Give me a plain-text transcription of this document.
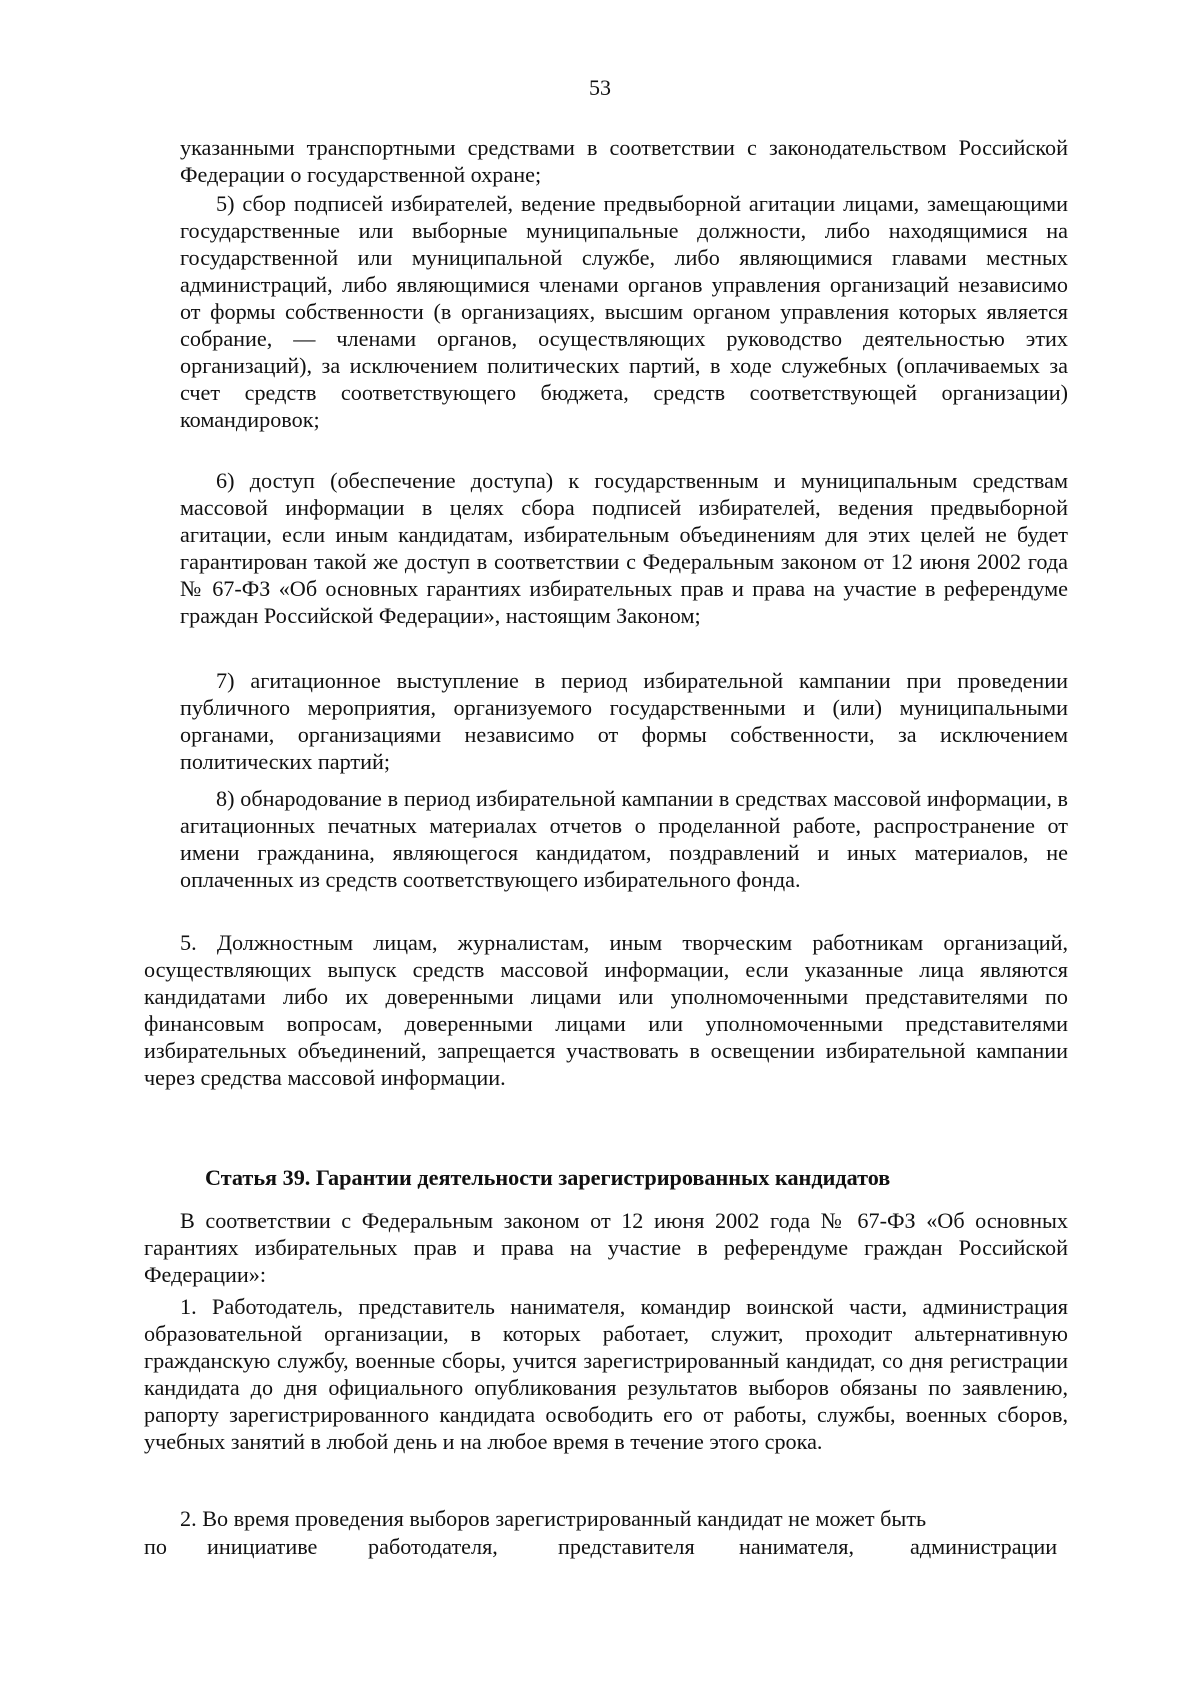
53
указанными транспортными средствами в соответствии с законодательством Российской Федерации о государственной охране;
5) сбор подписей избирателей, ведение предвыборной агитации лицами, замещающими государственные или выборные муниципальные должности, либо находящимися на государственной или муниципальной службе, либо являющимися главами местных администраций, либо являющимися членами органов управления организаций независимо от формы собственности (в организациях, высшим органом управления которых является собрание, — членами органов, осуществляющих руководство деятельностью этих организаций), за исключением политических партий, в ходе служебных (оплачиваемых за счет средств соответствующего бюджета, средств соответствующей организации) командировок;
6) доступ (обеспечение доступа) к государственным и муниципальным средствам массовой информации в целях сбора подписей избирателей, ведения предвыборной агитации, если иным кандидатам, избирательным объединениям для этих целей не будет гарантирован такой же доступ в соответствии с Федеральным законом от 12 июня 2002 года № 67-ФЗ «Об основных гарантиях избирательных прав и права на участие в референдуме граждан Российской Федерации», настоящим Законом;
7) агитационное выступление в период избирательной кампании при проведении публичного мероприятия, организуемого государственными и (или) муниципальными органами, организациями независимо от формы собственности, за исключением политических партий;
8) обнародование в период избирательной кампании в средствах массовой информации, в агитационных печатных материалах отчетов о проделанной работе, распространение от имени гражданина, являющегося кандидатом, поздравлений и иных материалов, не оплаченных из средств соответствующего избирательного фонда.
5. Должностным лицам, журналистам, иным творческим работникам организаций, осуществляющих выпуск средств массовой информации, если указанные лица являются кандидатами либо их доверенными лицами или уполномоченными представителями по финансовым вопросам, доверенными лицами или уполномоченными представителями избирательных объединений, запрещается участвовать в освещении избирательной кампании через средства массовой информации.
Статья 39. Гарантии деятельности зарегистрированных кандидатов
В соответствии с Федеральным законом от 12 июня 2002 года № 67-ФЗ «Об основных гарантиях избирательных прав и права на участие в референдуме граждан Российской Федерации»:
1. Работодатель, представитель нанимателя, командир воинской части, администрация образовательной организации, в которых работает, служит, проходит альтернативную гражданскую службу, военные сборы, учится зарегистрированный кандидат, со дня регистрации кандидата до дня официального опубликования результатов выборов обязаны по заявлению, рапорту зарегистрированного кандидата освободить его от работы, службы, военных сборов, учебных занятий в любой день и на любое время в течение этого срока.
2. Во время проведения выборов зарегистрированный кандидат не может быть
по инициативе работодателя,	представителя нанимателя,	администрации
